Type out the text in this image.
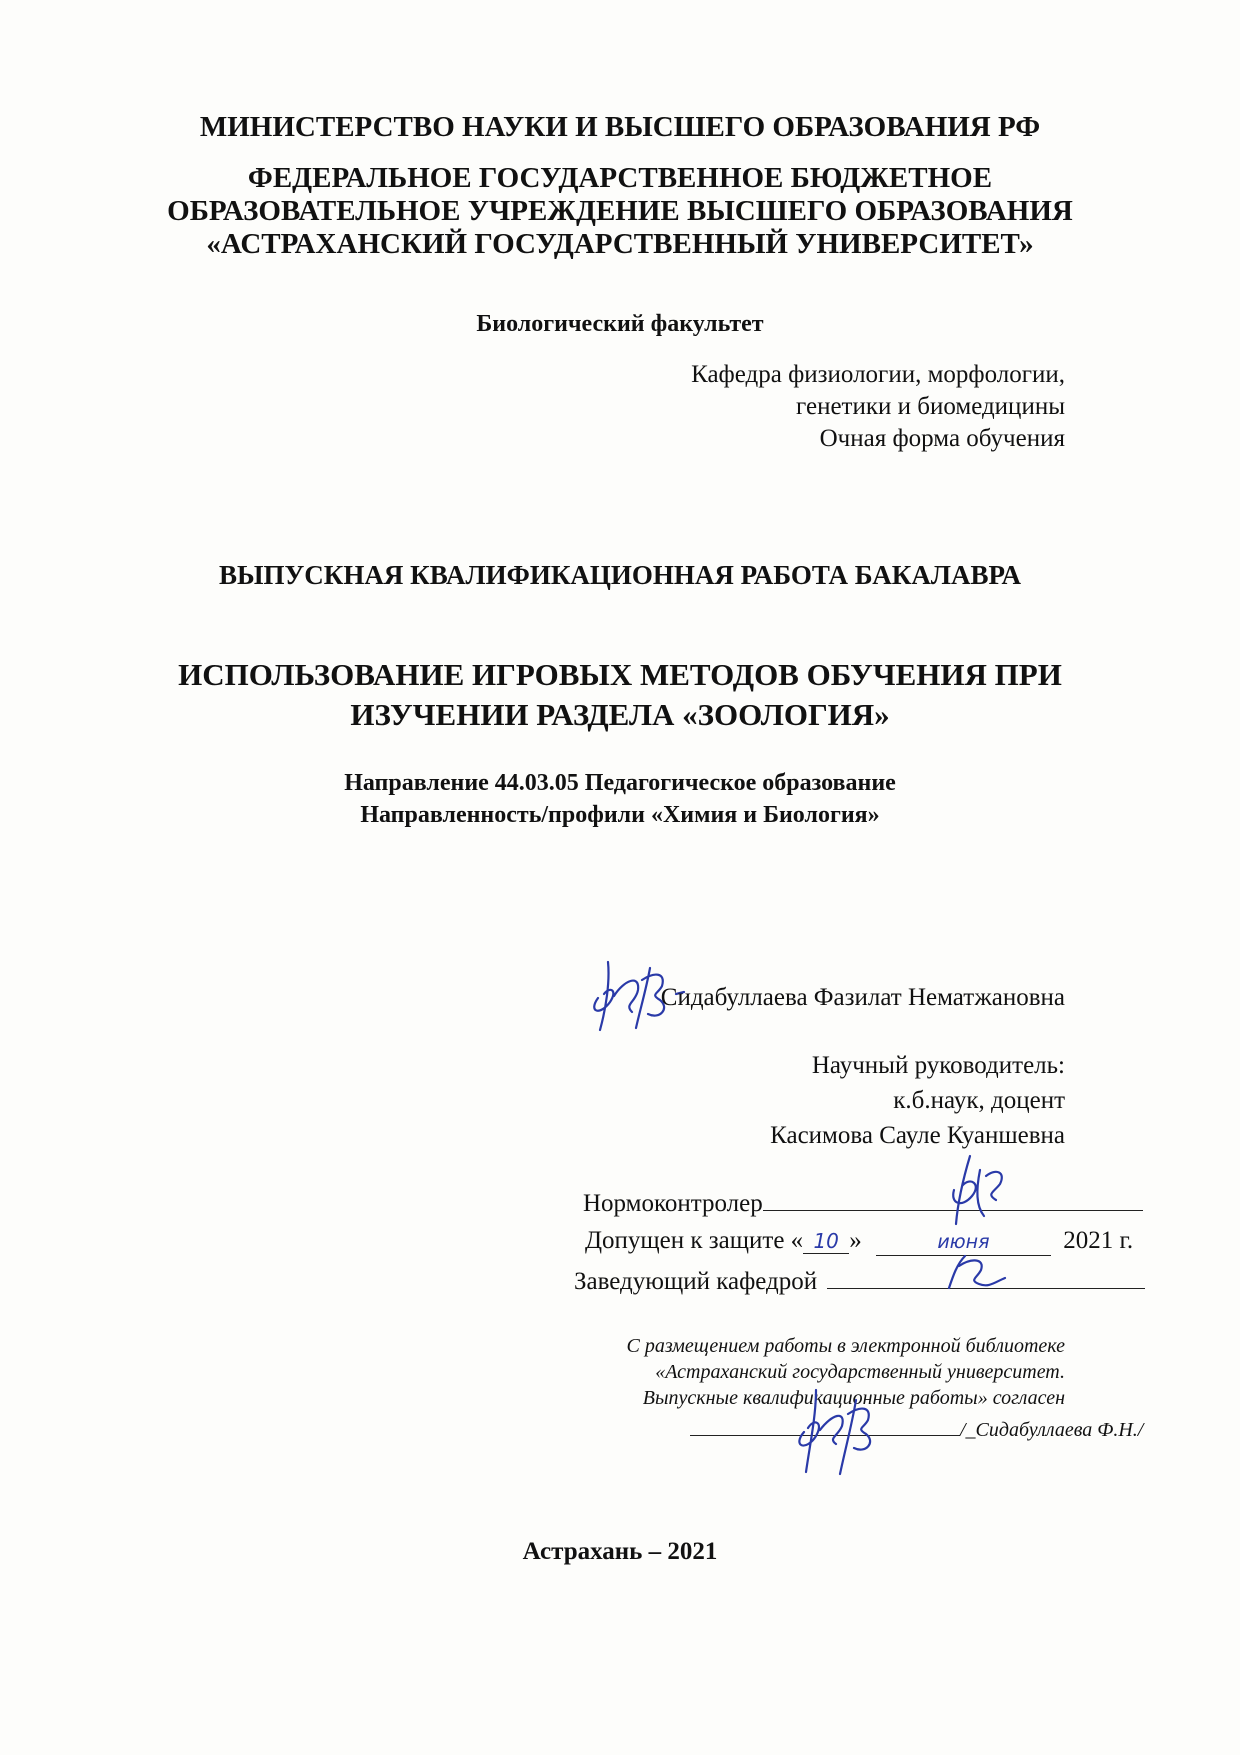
МИНИСТЕРСТВО НАУКИ И ВЫСШЕГО ОБРАЗОВАНИЯ РФ
ФЕДЕРАЛЬНОЕ ГОСУДАРСТВЕННОЕ БЮДЖЕТНОЕ
ОБРАЗОВАТЕЛЬНОЕ УЧРЕЖДЕНИЕ ВЫСШЕГО ОБРАЗОВАНИЯ
«АСТРАХАНСКИЙ ГОСУДАРСТВЕННЫЙ УНИВЕРСИТЕТ»
Биологический факультет
Кафедра физиологии, морфологии,
генетики и биомедицины
Очная форма обучения
ВЫПУСКНАЯ КВАЛИФИКАЦИОННАЯ РАБОТА БАКАЛАВРА
ИСПОЛЬЗОВАНИЕ ИГРОВЫХ МЕТОДОВ ОБУЧЕНИЯ ПРИ
ИЗУЧЕНИИ РАЗДЕЛА «ЗООЛОГИЯ»
Направление 44.03.05 Педагогическое образование
Направленность/профили «Химия и Биология»
Сидабуллаева Фазилат Нематжановна
Научный руководитель:
к.б.наук, доцент
Касимова Сауле Куаншевна
Нормоконтролер
Допущен к защите « 10 »	июня	2021 г.
Заведующий кафедрой
С размещением работы в электронной библиотеке
«Астраханский государственный университет.
Выпускные квалификационные работы» согласен
/_Сидабуллаева Ф.Н./
Астрахань – 2021
